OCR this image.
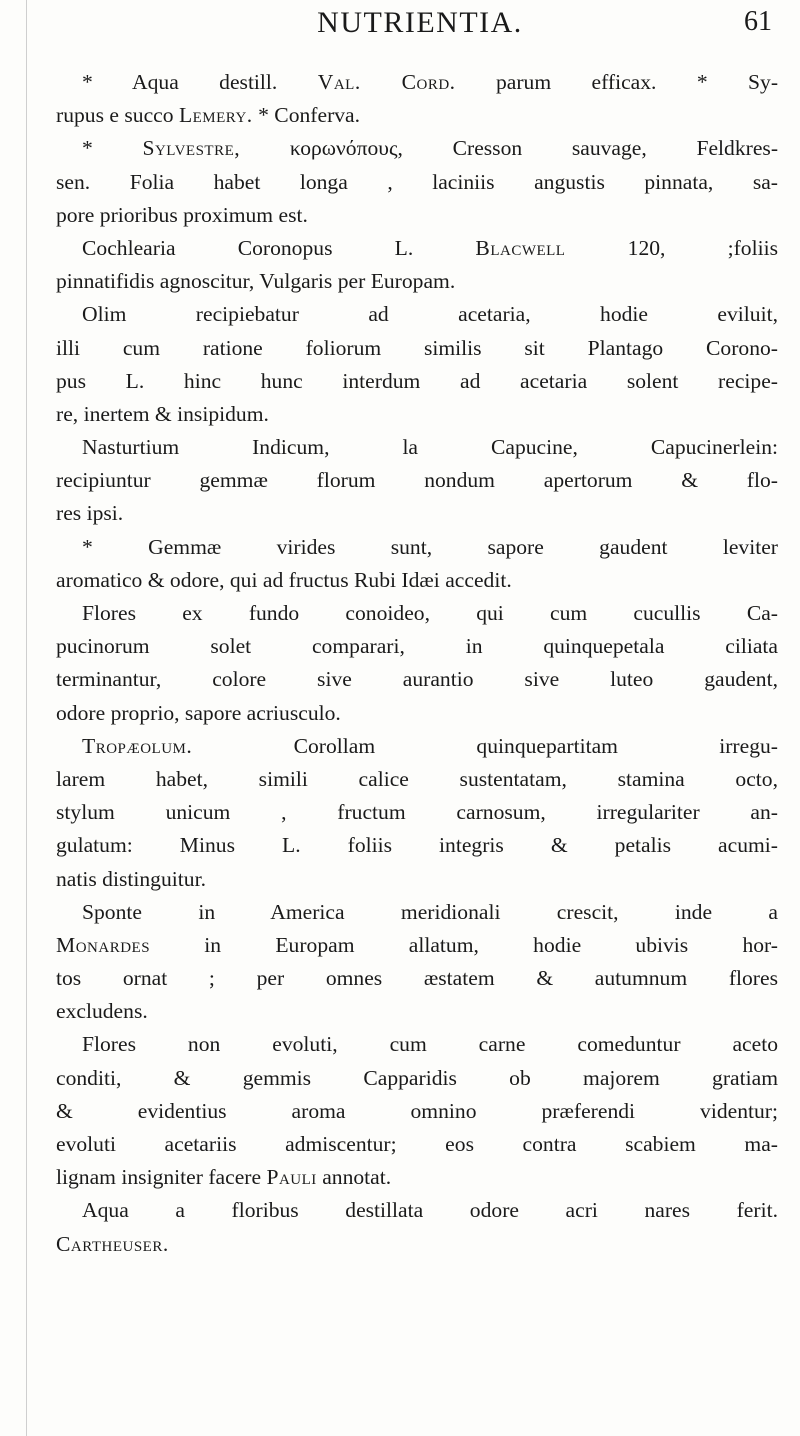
NUTRIENTIA.	61
* Aqua destill. Val. Cord. parum efficax. * Sy-
rupus e succo Lemery. * Conferva.
* Sylvestre, κορωνόπους, Cresson sauvage, Feldkres-
sen. Folia habet longa , laciniis angustis pinnata, sa-
pore prioribus proximum est.
Cochlearia Coronopus L. Blacwell 120, ;foliis
pinnatifidis agnoscitur, Vulgaris per Europam.
Olim recipiebatur ad acetaria, hodie eviluit,
illi cum ratione foliorum similis sit Plantago Corono-
pus L. hinc hunc interdum ad acetaria solent recipe-
re, inertem & insipidum.
Nasturtium Indicum, la Capucine, Capucinerlein:
recipiuntur gemmæ florum nondum apertorum & flo-
res ipsi.
* Gemmæ virides sunt, sapore gaudent leviter
aromatico & odore, qui ad fructus Rubi Idæi accedit.
Flores ex fundo conoideo, qui cum cucullis Ca-
pucinorum solet comparari, in quinquepetala ciliata
terminantur, colore sive aurantio sive luteo gaudent,
odore proprio, sapore acriusculo.
Tropæolum. Corollam quinquepartitam irregu-
larem habet, simili calice sustentatam, stamina octo,
stylum unicum , fructum carnosum, irregulariter an-
gulatum: Minus L. foliis integris & petalis acumi-
natis distinguitur.
Sponte in America meridionali crescit, inde a
Monardes in Europam allatum, hodie ubivis hor-
tos ornat ; per omnes æstatem & autumnum flores
excludens.
Flores non evoluti, cum carne comeduntur aceto
conditi, & gemmis Capparidis ob majorem gratiam
& evidentius aroma omnino præferendi videntur;
evoluti acetariis admiscentur; eos contra scabiem ma-
lignam insigniter facere Pauli annotat.
Aqua a floribus destillata odore acri nares ferit.
Cartheuser.
